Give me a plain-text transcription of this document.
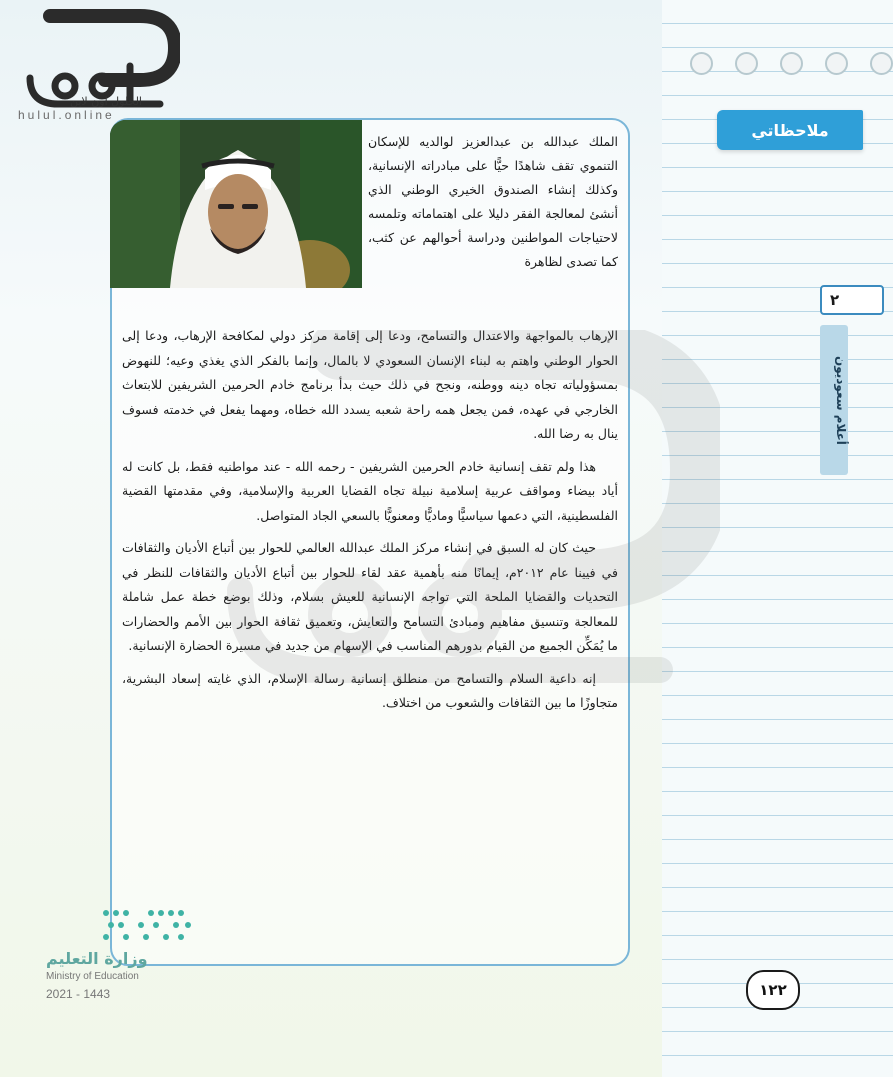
ملاحظاتي
٢
أعلام سعوديون
١٢٢
الحلول اون لاين
hulul.online
الملك عبدالله بن عبدالعزيز لوالديه للإسكان التنموي تقف شاهدًا حيًّا على مبادراته الإنسانية، وكذلك إنشاء الصندوق الخيري الوطني الذي أنشئ لمعالجة الفقر دليلا على اهتماماته وتلمسه لاحتياجات المواطنين ودراسة أحوالهم عن كثب، كما تصدى لظاهرة

الإرهاب بالمواجهة والاعتدال والتسامح، ودعا إلى إقامة مركز دولي لمكافحة الإرهاب، ودعا إلى الحوار الوطني واهتم به لبناء الإنسان السعودي لا بالمال، وإنما بالفكر الذي يغذي وعيه؛ للنهوض بمسؤولياته تجاه دينه ووطنه، ونجح في ذلك حيث بدأ برنامج خادم الحرمين الشريفين للابتعاث الخارجي في عهده، فمن يجعل همه راحة شعبه يسدد الله خطاه، ومهما يفعل في خدمته فسوف ينال به رضا الله.

هذا ولم تقف إنسانية خادم الحرمين الشريفين - رحمه الله - عند مواطنيه فقط، بل كانت له أياد بيضاء ومواقف عربية إسلامية نبيلة تجاه القضايا العربية والإسلامية، وفي مقدمتها القضية الفلسطينية، التي دعمها سياسيًّا وماديًّا ومعنويًّا بالسعي الجاد المتواصل.

حيث كان له السبق في إنشاء مركز الملك عبدالله العالمي للحوار بين أتباع الأديان والثقافات في فيينا عام ٢٠١٢م، إيمانًا منه بأهمية عقد لقاء للحوار بين أتباع الأديان والثقافات للنظر في التحديات والقضايا الملحة التي تواجه الإنسانية للعيش بسلام، وذلك بوضع خطة عمل شاملة للمعالجة وتنسيق مفاهيم ومبادئ التسامح والتعايش، وتعميق ثقافة الحوار بين الأمم والحضارات ما يُمَكِّن الجميع من القيام بدورهم المناسب في الإسهام من جديد في مسيرة الحضارة الإنسانية.

إنه داعية السلام والتسامح من منطلق إنسانية رسالة الإسلام، الذي غايته إسعاد البشرية، متجاوزًا ما بين الثقافات والشعوب من اختلاف.

وزارة التعليم
Ministry of Education
2021 - 1443
